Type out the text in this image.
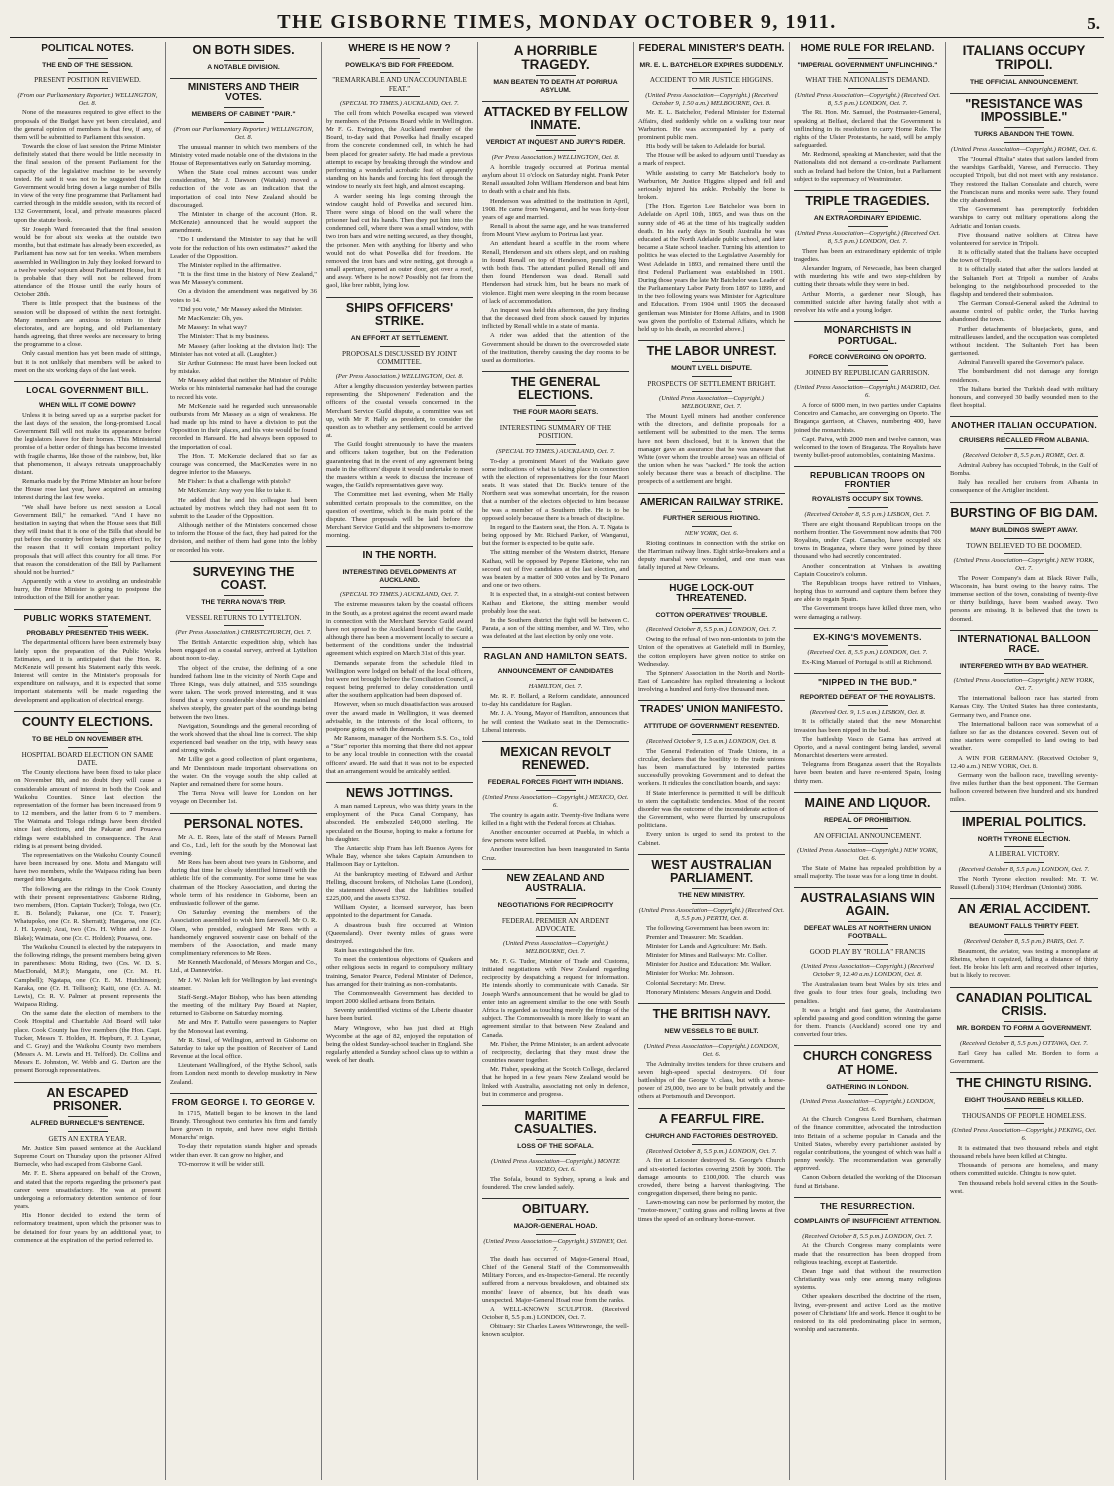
THE GISBORNE TIMES, MONDAY OCTOBER 9, 1911.	5.
POLITICAL NOTES.
THE END OF THE SESSION.
PRESENT POSITION REVIEWED.
(From our Parliamentary Reporter.) WELLINGTON, Oct. 8.

None of the measures required to give effect to the proposals of the Budget have yet been circulated, and the general opinion of members is that few, if any, of them will be submitted to Parliament this session.

Towards the close of last session the Prime Minister definitely stated that there would be little necessity in the final session of the present Parliament for the capacity of the legislative machine to be severely tested. He said it was not to be suggested that the Government would bring down a large number of Bills in view of the very fine programme that Parliament had carried through in the middle session, with its record of 132 Government, local, and private measures placed upon the statute book.

Sir Joseph Ward forecasted that the final session would be for about six weeks at the outside two months, but that estimate has already been exceeded, as Parliament has now sat for ten weeks. When members assembled in Wellington in July they looked forward to a twelve weeks' sojourn about Parliament House, but it is probable that they will not be relieved from attendance of the House until the early hours of October 28th.

There is little prospect that the business of the session will be disposed of within the next fortnight. Many members are anxious to return to their electorates, and are hoping, and old Parliamentary hands agreeing, that three weeks are necessary to bring the programme to a close.

Only casual mention has yet been made of sittings, but it is not unlikely that members will be asked to meet on the six working days of the last week.

LOCAL GOVERNMENT BILL.
WHEN WILL IT COME DOWN?

Unless it is being saved up as a surprise packet for the last days of the session, the long-promised Local Government Bill will not make its appearance before the legislators leave for their homes. This Ministerial promise of a better order of things has become invested with fragile charms, like those of the rainbow, but, like that phenomenon, it always retreats unapproachably distant.

Remarks made by the Prime Minister an hour before the House rose last year, have acquired an amusing interest during the last few weeks.

"We shall have before us next session a Local Government Bill," he remarked. "And I have no hesitation in saying that when the House sees that Bill they will insist that it is one of the Bills that should be put before the country before being given effect to, for the reason that it will contain important policy proposals that will affect this country for all time. For that reason the consideration of the Bill by Parliament should not be hurried."

Apparently with a view to avoiding an undesirable hurry, the Prime Minister is going to postpone the introduction of the Bill for another year.

PUBLIC WORKS STATEMENT.
PROBABLY PRESENTED THIS WEEK.

The departmental officers have been extremely busy lately upon the preparation of the Public Works Estimates, and it is anticipated that the Hon. R. McKenzie will present his Statement early this week. Interest will centre in the Minister's proposals for expenditure on railways, and it is expected that some important statements will be made regarding the development and application of electrical energy.

COUNTY ELECTIONS.
TO BE HELD ON NOVEMBER 8TH.
HOSPITAL BOARD ELECTION ON SAME DATE.

The County elections have been fixed to take place on November 8th, and no doubt they will cause a considerable amount of interest in both the Cook and Waikohu Counties. Since last election the representation of the former has been increased from 9 to 12 members, and the latter from 6 to 7 members. The Waimata and Tologa ridings have been divided since last elections, and the Pakarae and Pouawa ridings were established in consequence. The Arai riding is at present being divided.

The representatives on the Waikohu County Council have been increased by one. Motu and Mangatu will have two members, while the Waipaoa riding has been merged into Mangatu.

The following are the ridings in the Cook County with their present representatives: Gisborne Riding, two members, (Hon. Captain Tucker); Tologa, two (Cr. E. B. Boland); Pakarae, one (Cr. T. Fraser); Whatupoko, one (Cr. R. Sherratt); Hangaroa, one (Cr. J. H. Lyons); Arai, two (Crs. H. White and J. Joe-Blake); Waimata, one (Cr. C. Holden); Pouawa, one.

The Waikohu Council is elected by the ratepayers in the following ridings, the present members being given in parentheses: Motu Riding, two (Crs. W. D. S. MacDonald, M.P.); Mangatu, one (Cr. M. H. Campbell); Ngatapa, one (Cr. E. M. Hutchinson); Karaka, one (Cr. H. Tellison); Kaiti, one (Cr. A. M. Lewis), Cr. R. V. Palmer at present represents the Waipaoa Riding.

On the same date the election of members to the Cook Hospital and Charitable Aid Board will take place. Cook County has five members (the Hon. Capt. Tucker, Messrs T. Holden, H. Hepburn, F. J. Lysnar, and C. Gray) and the Waikohu County two members (Messrs A. M. Lewis and H. Telford). Dr. Collins and Messrs E. Johnston, W. Webb and G. Darton are the present Borough representatives.

AN ESCAPED PRISONER.
ALFRED BURNECLE'S SENTENCE.
GETS AN EXTRA YEAR.

Mr. Justice Sim passed sentence at the Auckland Supreme Court on Thursday upon the prisoner Alfred Burnecle, who had escaped from Gisborne Gaol.

Mr. F. E. Shera appeared on behalf of the Crown, and stated that the reports regarding the prisoner's past career were unsatisfactory. He was at present undergoing a reformatory detention sentence of four years.

His Honor decided to extend the term of reformatory treatment, upon which the prisoner was to be detained for four years by an additional year, to commence at the expiration of the period referred to.

ON BOTH SIDES.
A NOTABLE DIVISION.
MINISTERS AND THEIR VOTES.
MEMBERS OF CABINET "PAIR."
(From our Parliamentary Reporter.) WELLINGTON, Oct. 8.

The unusual manner in which two members of the Ministry voted made notable one of the divisions in the House of Representatives early on Saturday morning.

When the State coal mines account was under consideration, Mr J. Dawson (Waitaki) moved a reduction of the vote as an indication that the importation of coal into New Zealand should be discouraged.

The Minister in charge of the account (Hon. R. McKenzie) announced that he would support the amendment.

"Do I understand the Minister to say that he will vote for the reduction of his own estimates?" asked the Leader of the Opposition.

The Minister replied in the affirmative.

"It is the first time in the history of New Zealand," was Mr Massey's comment.

On a division the amendment was negatived by 36 votes to 14.

"Did you vote," Mr Massey asked the Minister.

Mr MacKenzie: Oh, yes.

Mr Massey: In what way?

The Minister: That is my business.

Mr Massey (after looking at the division list): The Minister has not voted at all. (Laughter.)

Sir Arthur Guinness: He must have been locked out by mistake.

Mr Massey added that neither the Minister of Public Works or his ministerial namesake had had the courage to record his vote.

Mr McKenzie said he regarded such unreasonable outbursts from Mr Massey as a sign of weakness. He had made up his mind to have a division to put the Opposition in their places, and his vote would be found recorded in Hansard. He had always been opposed to the importation of coal.

The Hon. T. McKenzie declared that so far as courage was concerned, the MacKenzies were in no degree inferior to the Masseys.

Mr Fisher: Is that a challenge with pistols?

Mr McKenzie: Any way you like to take it.

He added that he and his colleague had been actuated by motives which they had not seen fit to submit to the Leader of the Opposition.

Although neither of the Ministers concerned chose to inform the House of the fact, they had paired for the division, and neither of them had gone into the lobby or recorded his vote.

SURVEYING THE COAST.
THE TERRA NOVA'S TRIP.
VESSEL RETURNS TO LYTTELTON.
(Per Press Association.) CHRISTCHURCH, Oct. 7.

The British Antarctic expedition ship, which has been engaged on a coastal survey, arrived at Lyttelton about noon to-day.

The object of the cruise, the defining of a one hundred fathom line in the vicinity of North Cape and Three Kings, was duly attained, and 535 soundings were taken. The work proved interesting, and it was found that a very considerable shoal on the mainland shelves steeply, the greater part of the soundings being between the two lines.

Navigation, Soundings and the general recording of the work showed that the shoal line is correct. The ship experienced bad weather on the trip, with heavy seas and strong winds.

Mr Lillie got a good collection of plant organisms, and Mr Dennistoun made important observations on the water. On the voyage south the ship called at Napier and remained there for some hours.

The Terra Nova will leave for London on her voyage on December 1st.

PERSONAL NOTES.

Mr A. E. Rees, late of the staff of Messrs Parnell and Co., Ltd., left for the south by the Monowai last evening.

Mr Rees has been about two years in Gisborne, and during that time he closely identified himself with the athletic life of the community. For some time he was chairman of the Hockey Association, and during the whole term of his residence in Gisborne, been an enthusiastic follower of the game.

On Saturday evening the members of the Association assembled to wish him farewell. Mr O. R. Olsen, who presided, eulogised Mr Rees with a handsomely engraved souvenir case on behalf of the members of the Association, and made many complimentary references to Mr Rees.

Mr Kenneth Macdonald, of Messrs Morgan and Co., Ltd., at Dannevirke.

Mr J. W. Nolan left for Wellington by last evening's steamer.

Staff-Sergt.-Major Bishop, who has been attending the meeting of the military Pay Board at Napier, returned to Gisborne on Saturday morning.

Mr and Mrs F. Pattullo were passengers to Napier by the Monowai last evening.

Mr R. Sinel, of Wellington, arrived in Gisborne on Saturday to take up the position of Receiver of Land Revenue at the local office.

Lieutenant Wallingford, of the Hythe School, sails from London next month to develop musketry in New Zealand.

FROM GEORGE I. TO GEORGE V.

In 1715, Mattell began to be known in the land Brandy. Throughout two centuries his firm and family have grown in repute, and have now eight British Monarchs' reign.

To-day their reputation stands higher and spreads wider than ever. It can grow no higher, and

TO-morrow it will be wider still.

WHERE IS HE NOW ?
POWELKA'S BID FOR FREEDOM.
"REMARKABLE AND UNACCOUNTABLE FEAT."
(SPECIAL TO TIMES.) AUCKLAND, Oct. 7.

The cell from which Powelka escaped was viewed by members of the Prisons Board while in Wellington. Mr F. G. Ewington, the Auckland member of the Board, to-day said that Powelka had finally escaped from the concrete condemned cell, in which he had been placed for greater safety. He had made a previous attempt to escape by breaking through the window and performing a wonderful acrobatic feat of apparently standing on his hands and forcing his feet through the window to nearly six feet high, and almost escaping.

A warder seeing his legs coming through the window caught hold of Powelka and secured him. There were sings of blood on the wall where the prisoner had cut his hands. Then they put him into the condemned cell, where there was a small window, with two iron bars and wire netting secured, as they thought, the prisoner. Men with anything for liberty and who would not do what Powelka did for freedom. He removed the iron bars and wire netting, got through a small aperture, opened an outer door, got over a roof, and away. Where is he now? Possibly not far from the gaol, like brer rabbit, lying low.

SHIPS OFFICERS' STRIKE.
AN EFFORT AT SETTLEMENT.
PROPOSALS DISCUSSED BY JOINT COMMITTEE.
(Per Press Association.) WELLINGTON, Oct. 8.

After a lengthy discussion yesterday between parties representing the Shipowners' Federation and the officers of the coastal vessels concerned in the Merchant Service Guild dispute, a committee was set up, with Mr P. Hally as president, to consider the question as to whether any settlement could be arrived at.

The Guild fought strenuously to have the masters and officers taken together, but on the Federation guaranteeing that in the event of any agreement being made in the officers' dispute it would undertake to meet the masters within a week to discuss the increase of wages, the Guild's representatives gave way.

The Committee met last evening, when Mr Hally submitted certain proposals to the committee, on the question of overtime, which is the main point of the dispute. These proposals will be laid before the Merchant Service Guild and the shipowners to-morrow morning.

IN THE NORTH.
INTERESTING DEVELOPMENTS AT AUCKLAND.
(SPECIAL TO TIMES.) AUCKLAND, Oct. 7.

The extreme measures taken by the coastal officers in the South, as a protest against the recent award made in connection with the Merchant Service Guild award have not spread to the Auckland branch of the Guild, although there has been a movement locally to secure a betterment of the conditions under the industrial agreement which expired on March 31st of this year.

Demands separate from the schedule filed in Wellington were lodged on behalf of the local officers, but were not brought before the Conciliation Council, a request being preferred to delay consideration until after the southern application had been disposed of.

However, when so much dissatisfaction was aroused over the award made in Wellington, it was deemed advisable, in the interests of the local officers, to postpone going on with the demands.

Mr Ransom, manager of the Northern S.S. Co., told a "Star" reporter this morning that there did not appear to be any local trouble in connection with the coastal officers' award. He said that it was not to be expected that an arrangement would be amicably settled.

NEWS JOTTINGS.

A man named Lepreux, who was thirty years in the employment of the Puca Canal Company, has absconded. He embezzled £40,000 sterling. He speculated on the Bourse, hoping to make a fortune for his daughter.

The Antarctic ship Fram has left Buenos Ayres for Whale Bay, whence she takes Captain Amundsen to Hallmoon Bay or Lyttelton.

At the bankruptcy meeting of Edward and Arthur Helling, discount brokers, of Nicholas Lane (London), the statement showed that the liabilities totalled £225,000, and the assets £3792.

William Oyster, a licensed surveyor, has been appointed to the department for Canada.

A disastrous bush fire occurred at Winton (Queensland). Over twenty miles of grass were destroyed.

Rain has extinguished the fire.

To meet the contentious objections of Quakers and other religious sects in regard to compulsory military training, Senator Pearce, Federal Minister of Defence, has arranged for their training as non-combatants.

The Commonwealth Government has decided to import 2000 skilled artisans from Britain.

Seventy unidentified victims of the Liberte disaster have been buried.

Mary Wingrove, who has just died at High Wycombe at the age of 82, enjoyed the reputation of being the oldest Sunday-school teacher in England. She regularly attended a Sunday school class up to within a week of her death.

A HORRIBLE TRAGEDY.
MAN BEATEN TO DEATH AT PORIRUA ASYLUM.
ATTACKED BY FELLOW INMATE.
VERDICT AT INQUEST AND JURY'S RIDER.
(Per Press Association.) WELLINGTON, Oct. 8.

A horrible tragedy occurred at Porirua mental asylum about 11 o'clock on Saturday night. Frank Peter Renall assaulted John William Henderson and beat him to death with a chair and his fists.

Henderson was admitted to the institution in April, 1908. He came from Wanganui, and he was forty-four years of age and married.

Renall is about the same age, and he was transferred from Mount View asylum to Porirua last year.

An attendant heard a scuffle in the room where Renall, Henderson and six others slept, and on rushing in found Renall on top of Henderson, punching him with both fists. The attendant pulled Renall off and then found Henderson was dead. Renall said Henderson had struck him, but he bears no mark of violence. Eight men were sleeping in the room because of lack of accommodation.

An inquest was held this afternoon, the jury finding that the deceased died from shock caused by injuries inflicted by Renall while in a state of mania.

A rider was added that the attention of the Government should be drawn to the overcrowded state of the institution, thereby causing the day rooms to be used as dormitories.

THE GENERAL ELECTIONS.
THE FOUR MAORI SEATS.
INTERESTING SUMMARY OF THE POSITION.
(SPECIAL TO TIMES.) AUCKLAND, Oct. 7.

To-day a prominent Maori of the Waikato gave some indications of what is taking place in connection with the election of representatives for the four Maori seats. It was stated that Dr. Buck's tenure of the Northern seat was somewhat uncertain, for the reason that a number of the electors objected to him because he was a member of a Southern tribe. He is to be opposed solely because there is a breach of discipline.

In regard to the Eastern seat, the Hon. A. T. Ngata is being opposed by Mr. Richard Parker, of Wanganui, but the former is expected to be quite safe.

The sitting member of the Western district, Henare Kaihau, will be opposed by Pepene Eketone, who ran second out of five candidates at the last election, and was beaten by a matter of 300 votes and by Te Ponaro and one or two others.

It is expected that, in a straight-out contest between Kaihau and Eketone, the sitting member would probably lose the seat.

In the Southern district the fight will be between C. Parata, a son of the sitting member, and W. Tiro, who was defeated at the last election by only one vote.

RAGLAN AND HAMILTON SEATS.
ANNOUNCEMENT OF CANDIDATES
HAMILTON, Oct. 7.

Mr. R. F. Bollard, a Reform candidate, announced to-day his candidature for Raglan.

Mr. J. A. Young, Mayor of Hamilton, announces that he will contest the Waikato seat in the Democratic-Liberal interests.

MEXICAN REVOLT RENEWED.
FEDERAL FORCES FIGHT WITH INDIANS.
(United Press Association—Copyright.) MEXICO, Oct. 6.

The country is again astir. Twenty-five Indians were killed in a fight with the Federal forces at Chiahas.

Another encounter occurred at Puebla, in which a few persons were killed.

Another insurrection has been inaugurated in Santa Cruz.

NEW ZEALAND AND AUSTRALIA.
NEGOTIATIONS FOR RECIPROCITY
FEDERAL PREMIER AN ARDENT ADVOCATE.
(United Press Association—Copyright.) MELBOURNE, Oct. 7.

Mr. F. G. Tudor, Minister of Trade and Customs, initiated negotiations with New Zealand regarding reciprocity by despatching a request for information. He intends shortly to communicate with Canada. Sir Joseph Ward's announcement that he would be glad to enter into an agreement similar to the one with South Africa is regarded as touching merely the fringe of the subject. The Commonwealth is more likely to want an agreement similar to that between New Zealand and Canada.

Mr. Fisher, the Prime Minister, is an ardent advocate of reciprocity, declaring that they must draw the countries nearer together.

Mr. Fisher, speaking at the Scotch College, declared that he hoped in a few years New Zealand would be linked with Australia, associating not only in defence, but in commerce and progress.

MARITIME CASUALTIES.
LOSS OF THE SOFALA.
(United Press Association—Copyright.) MONTE VIDEO, Oct. 6.

The Sofala, bound to Sydney, sprang a leak and foundered. The crew landed safely.

OBITUARY.
MAJOR-GENERAL HOAD.
(United Press Association—Copyright.) SYDNEY, Oct. 7.

The death has occurred of Major-General Hoad, Chief of the General Staff of the Commonwealth Military Forces, and ex-Inspector-General. He recently suffered from a nervous breakdown, and obtained six months' leave of absence, but his death was unexpected. Major-General Hoad rose from the ranks.

A WELL-KNOWN SCULPTOR. (Received October 8, 5.5 p.m.) LONDON, Oct. 7.

Obituary: Sir Charles Lawes Wittewronge, the well-known sculptor.

FEDERAL MINISTER'S DEATH.
MR. E. L. BATCHELOR EXPIRES SUDDENLY.
ACCIDENT TO MR JUSTICE HIGGINS.
(United Press Association—Copyright.) (Received October 9, 1.50 a.m.) MELBOURNE, Oct. 8.

Mr. E. L. Batchelor, Federal Minister for External Affairs, died suddenly while on a walking tour near Warburton. He was accompanied by a party of prominent public men.

His body will be taken to Adelaide for burial.

The House will be asked to adjourn until Tuesday as a mark of respect.

While assisting to carry Mr Batchelor's body to Warburton, Mr Justice Higgins slipped and fell and seriously injured his ankle. Probably the bone is broken.

[The Hon. Egerton Lee Batchelor was born in Adelaide on April 10th, 1865, and was thus on the sunny side of 46 at the time of his tragically sudden death. In his early days in South Australia he was educated at the North Adelaide public school, and later became a State school teacher. Turning his attention to politics he was elected to the Legislative Assembly for West Adelaide in 1893, and remained there until the first Federal Parliament was established in 1901. During those years the late Mr Batchelor was Leader of the Parliamentary Labor Party from 1897 to 1899, and in the two following years was Minister for Agriculture and Education. From 1904 until 1905 the deceased gentleman was Minister for Home Affairs, and in 1908 was given the portfolio of External Affairs, which he held up to his death, as recorded above.]

THE LABOR UNREST.
MOUNT LYELL DISPUTE.
PROSPECTS OF SETTLEMENT BRIGHT.
(United Press Association—Copyright.) MELBOURNE, Oct. 7.

The Mount Lyell miners had another conference with the directors, and definite proposals for a settlement will be submitted to the men. The terms have not been disclosed, but it is known that the manager gave an assurance that he was unaware that White (over whom the trouble arose) was an official of the union when he was "sacked." He took the action solely because there was a breach of discipline. The prospects of a settlement are bright.

AMERICAN RAILWAY STRIKE.
FURTHER SERIOUS RIOTING.
NEW YORK, Oct. 6.

Rioting continues in connection with the strike on the Harriman railway lines. Eight strike-breakers and a deputy marshal were wounded, and one man was fatally injured at New Orleans.

HUGE LOCK-OUT THREATENED.
COTTON OPERATIVES' TROUBLE.
(Received October 8, 5.5 p.m.) LONDON, Oct. 7.

Owing to the refusal of two non-unionists to join the Union of the operatives at Gatefield mill in Burnley, the cotton employers have given notice to strike on Wednesday.

The Spinners' Association in the North and North-East of Lancashire has replied threatening a lockout involving a hundred and forty-five thousand men.

TRADES' UNION MANIFESTO.
ATTITUDE OF GOVERNMENT RESENTED.
(Received October 9, 1.5 a.m.) LONDON, Oct. 8.

The General Federation of Trade Unions, in a circular, declares that the hostility to the trade unions has been manufactured by interested parties successfully provoking Government and to defeat the workers. It ridicules the conciliation boards, and says:

If State interference is permitted it will be difficult to stem the capitalistic tendencies. Most of the recent disorder was the outcome of the inconsiderate action of the Government, who were flurried by unscrupulous politicians.

Every union is urged to send its protest to the Cabinet.

WEST AUSTRALIAN PARLIAMENT.
THE NEW MINISTRY.
(United Press Association—Copyright.) (Received Oct. 8, 5.5 p.m.) PERTH, Oct. 8.

The following Government has been sworn in:

Premier and Treasurer: Mr. Scaddan.

Minister for Lands and Agriculture: Mr. Bath.

Minister for Mines and Railways: Mr. Collier.

Minister for Justice and Education: Mr. Walker.

Minister for Works: Mr. Johnson.

Colonial Secretary: Mr. Drew.

Honorary Ministers: Messrs Angwin and Dodd.

THE BRITISH NAVY.
NEW VESSELS TO BE BUILT.
(United Press Association—Copyright.) LONDON, Oct. 6.

The Admiralty invites tenders for three cruisers and seven high-speed special destroyers. Of four battleships of the George V. class, but with a horse-power of 29,000, two are to be built privately and the others at Portsmouth and Devonport.

A FEARFUL FIRE.
CHURCH AND FACTORIES DESTROYED.
(Received October 8, 5.5 p.m.) LONDON, Oct. 7.

A fire at Leicester destroyed St. George's Church and six-storied factories covering 250ft by 300ft. The damage amounts to £100,000. The church was crowded, there being a harvest thanksgiving. The congregation dispersed, there being no panic.

Lawn-mowing can now be performed by motor, the "motor-mower," cutting grass and rolling lawns at five times the speed of an ordinary horse-mower.

HOME RULE FOR IRELAND.
"IMPERIAL GOVERNMENT UNFLINCHING."
WHAT THE NATIONALISTS DEMAND.
(United Press Association—Copyright.) (Received Oct. 8, 5.5 p.m.) LONDON, Oct. 7.

The Rt. Hon. Mr. Samuel, the Postmaster-General, speaking at Belfast, declared that the Government is unflinching in its resolution to carry Home Rule. The rights of the Ulster Protestants, he said, will be amply safeguarded.

Mr. Redmond, speaking at Manchester, said that the Nationalists did not demand a co-ordinate Parliament such as Ireland had before the Union, but a Parliament subject to the supremacy of Westminster.

TRIPLE TRAGEDIES.
AN EXTRAORDINARY EPIDEMIC.
(United Press Association—Copyright.) (Received Oct. 8, 5.5 p.m.) LONDON, Oct. 7.

There has been an extraordinary epidemic of triple tragedies.

Alexander Ingram, of Newcastle, has been charged with murdering his wife and two step-children by cutting their throats while they were in bed.

Arthur Morris, a gardener near Slough, has committed suicide after having fatally shot with a revolver his wife and a young lodger.

MONARCHISTS IN PORTUGAL.
FORCE CONVERGING ON OPORTO.
JOINED BY REPUBLICAN GARRISON.
(United Press Association—Copyright.) MADRID, Oct. 6.

A force of 6000 men, in two parties under Captains Conceiro and Camacho, are converging on Oporto. The Bragança garrison, at Chaves, numbering 400, have joined the monarchists.

Capt. Paiva, with 2000 men and twelve cannon, was welcomed to the town of Braganza. The Royalists have twenty bullet-proof automobiles, containing Maxims.

REPUBLICAN TROOPS ON FRONTIER
ROYALISTS OCCUPY SIX TOWNS.
(Received October 8, 5.5 p.m.) LISBON, Oct. 7.

There are eight thousand Republican troops on the northern frontier. The Government now admits that 700 Royalists, under Capt. Camacho, have occupied six towns in Braganza, where they were joined by three thousand who had secretly concentrated.

Another concentration at Vinhaes is awaiting Captain Couceiro's column.

The Republican troops have retired to Vinhaes, hoping thus to surround and capture them before they are able to regain Spain.

The Government troops have killed three men, who were damaging a railway.

EX-KING'S MOVEMENTS.
(Received Oct. 8, 5.5 p.m.) LONDON, Oct. 7.

Ex-King Manuel of Portugal is still at Richmond.

"NIPPED IN THE BUD."
REPORTED DEFEAT OF THE ROYALISTS.
(Received Oct. 9, 1.5 a.m.) LISBON, Oct. 8.

It is officially stated that the new Monarchist invasion has been nipped in the bud.

The battleship Vasco de Gama has arrived at Oporto, and a naval contingent being landed, several Monarchist deserters were arrested.

Telegrams from Braganza assert that the Royalists have been beaten and have re-entered Spain, losing thirty men.

MAINE AND LIQUOR.
REPEAL OF PROHIBITION.
AN OFFICIAL ANNOUNCEMENT.
(United Press Association—Copyright.) NEW YORK, Oct. 6.

The State of Maine has repealed prohibition by a small majority. The issue was for a long time in doubt.

AUSTRALASIANS WIN AGAIN.
DEFEAT WALES AT NORTHERN UNION FOOTBALL.
GOOD PLAY BY "ROLLA" FRANCIS
(United Press Association—Copyright.) (Received October 9, 12.40 a.m.) LONDON, Oct. 8.

The Australasian team beat Wales by six tries and five goals to four tries four goals, including two penalties.

It was a bright and fast game, the Australasians splendid passing and good condition winning the game for them. Francis (Auckland) scored one try and converted four tries.

CHURCH CONGRESS AT HOME.
GATHERING IN LONDON.
(United Press Association—Copyright.) LONDON, Oct. 6.

At the Church Congress Lord Burnham, chairman of the finance committee, advocated the introduction into Britain of a scheme popular in Canada and the United States, whereby every parishioner assisted by regular contributions, the youngest of which was half a penny weekly. The recommendation was generally approved.

Canon Osborn detailed the working of the Diocesan fund at Brisbane.

THE RESURRECTION.
COMPLAINTS OF INSUFFICIENT ATTENTION.
(Received October 8, 5.5 p.m.) LONDON, Oct. 7.

At the Church Congress many complaints were made that the resurrection has been dropped from religious teaching, except at Eastertide.

Dean Inge said that without the resurrection Christianity was only one among many religious systems.

Other speakers described the doctrine of the risen, living, ever-present and active Lord as the motive power of Christians' life and work. Hence it ought to be restored to its old predominating place in sermon, worship and sacraments.

ITALIANS OCCUPY TRIPOLI.
THE OFFICIAL ANNOUNCEMENT.
"RESISTANCE WAS IMPOSSIBLE."
TURKS ABANDON THE TOWN.
(United Press Association—Copyright.) ROME, Oct. 6.

The "Journal d'Italia" states that sailors landed from the warships Garibaldi, Varese, and Ferruccio. They occupied Tripoli, but did not meet with any resistance. They restored the Italian Consulate and church, were the Franciscan nuns and monks were safe. They found the city abandoned.

The Government has peremptorily forbidden warships to carry out military operations along the Adriatic and Ionian coasts.

Five thousand native soldiers at Citrea have volunteered for service in Tripoli.

It is officially stated that the Italians have occupied the town of Tripoli.

It is officially stated that after the sailors landed at the Sultanieh Fort at Tripoli a number of Arabs belonging to the neighbourhood proceeded to the flagship and tendered their submission.

The German Consul-General asked the Admiral to assume control of public order, the Turks having abandoned the town.

Further detachments of bluejackets, guns, and mitrailleuses landed, and the occupation was completed without incident. The Sultanieh Fort has been garrisoned.

Admiral Faravelli spared the Governor's palace.

The bombardment did not damage any foreign residences.

The Italians buried the Turkish dead with military honours, and conveyed 30 badly wounded men to the fleet hospital.

ANOTHER ITALIAN OCCUPATION.
CRUISERS RECALLED FROM ALBANIA.
(Received October 8, 5.5 p.m.) ROME, Oct. 8.

Admiral Aubrey has occupied Tobruk, in the Gulf of Bomba.

Italy has recalled her cruisers from Albania in consequence of the Artiglier incident.

BURSTING OF BIG DAM.
MANY BUILDINGS SWEPT AWAY.
TOWN BELIEVED TO BE DOOMED.
(United Press Association—Copyright.) NEW YORK, Oct. 7.

The Power Company's dam at Black River Falls, Wisconsin, has burst owing to the heavy rains. The immense section of the town, consisting of twenty-five or thirty buildings, have been washed away. Two persons are missing. It is believed that the town is doomed.

INTERNATIONAL BALLOON RACE.
INTERFERED WITH BY BAD WEATHER.
(United Press Association—Copyright.) NEW YORK, Oct. 7.

The international balloon race has started from Kansas City. The United States has three contestants, Germany two, and France one.

The International balloon race was somewhat of a failure so far as the distances covered. Seven out of nine starters were compelled to land owing to bad weather.

A WIN FOR GERMANY. (Received October 9, 12.40 a.m.) NEW YORK, Oct. 8.

Germany won the balloon race, travelling seventy-five miles further than the best opponent. The German balloon covered between five hundred and six hundred miles.

IMPERIAL POLITICS.
NORTH TYRONE ELECTION.
A LIBERAL VICTORY.
(Received October 8, 5.5 p.m.) LONDON, Oct. 7.

The North Tyrone election resulted: Mr. T. W. Russell (Liberal) 3104; Herdman (Unionist) 3086.

AN ÆRIAL ACCIDENT.
BEAUMONT FALLS THIRTY FEET.
(Received October 8, 5.5 p.m.) PARIS, Oct. 7.

Beaumont, the aviator, was testing a monoplane at Rheims, when it capsized, falling a distance of thirty feet. He broke his left arm and received other injuries, but is likely to recover.

CANADIAN POLITICAL CRISIS.
MR. BORDEN TO FORM A GOVERNMENT.
(Received October 8, 5.5 p.m.) OTTAWA, Oct. 7.

Earl Grey has called Mr. Borden to form a Government.

THE CHINGTU RISING.
EIGHT THOUSAND REBELS KILLED.
THOUSANDS OF PEOPLE HOMELESS.
(United Press Association—Copyright.) PEKING, Oct. 6.

It is estimated that two thousand rebels and eight thousand rebels have been killed at Chingtu.

Thousands of persons are homeless, and many others committed suicide. Chingtu is now quiet.

Ten thousand rebels hold several cities in the South-west.
